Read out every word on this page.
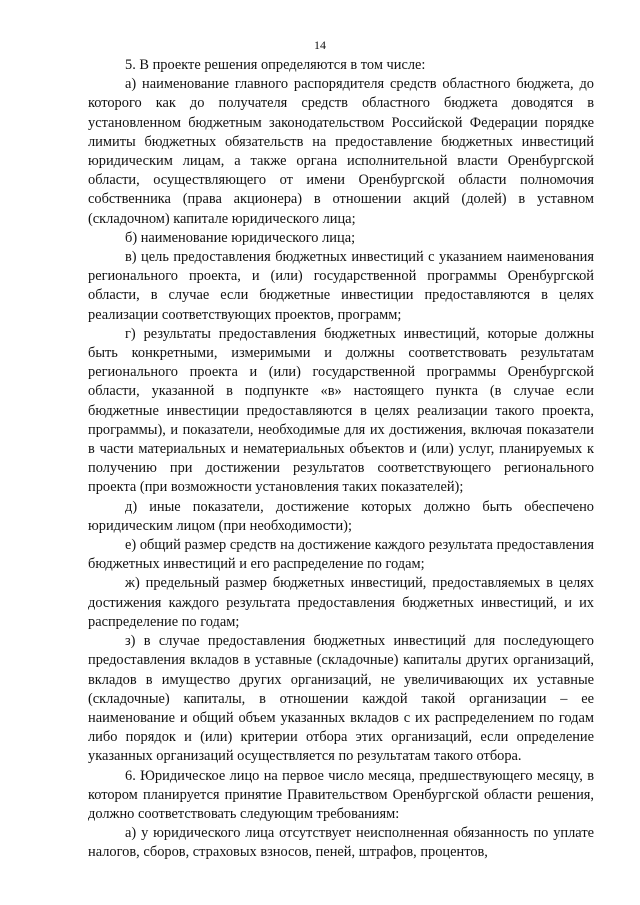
14

5. В проекте решения определяются в том числе:

а) наименование главного распорядителя средств областного бюджета, до которого как до получателя средств областного бюджета доводятся в установленном бюджетным законодательством Российской Федерации порядке лимиты бюджетных обязательств на предоставление бюджетных инвестиций юридическим лицам, а также органа исполнительной власти Оренбургской области, осуществляющего от имени Оренбургской области полномочия собственника (права акционера) в отношении акций (долей) в уставном (складочном) капитале юридического лица;

б) наименование юридического лица;

в) цель предоставления бюджетных инвестиций с указанием наименования регионального проекта, и (или) государственной программы Оренбургской области, в случае если бюджетные инвестиции предоставляются в целях реализации соответствующих проектов, программ;

г) результаты предоставления бюджетных инвестиций, которые должны быть конкретными, измеримыми и должны соответствовать результатам регионального проекта и (или) государственной программы Оренбургской области, указанной в подпункте «в» настоящего пункта (в случае если бюджетные инвестиции предоставляются в целях реализации такого проекта, программы), и показатели, необходимые для их достижения, включая показатели в части материальных и нематериальных объектов и (или) услуг, планируемых к получению при достижении результатов соответствующего регионального проекта (при возможности установления таких показателей);

д) иные показатели, достижение которых должно быть обеспечено юридическим лицом (при необходимости);

е) общий размер средств на достижение каждого результата предоставления бюджетных инвестиций и его распределение по годам;

ж) предельный размер бюджетных инвестиций, предоставляемых в целях достижения каждого результата предоставления бюджетных инвестиций, и их распределение по годам;

з) в случае предоставления бюджетных инвестиций для последующего предоставления вкладов в уставные (складочные) капиталы других организаций, вкладов в имущество других организаций, не увеличивающих их уставные (складочные) капиталы, в отношении каждой такой организации – ее наименование и общий объем указанных вкладов с их распределением по годам либо порядок и (или) критерии отбора этих организаций, если определение указанных организаций осуществляется по результатам такого отбора.

6. Юридическое лицо на первое число месяца, предшествующего месяцу, в котором планируется принятие Правительством Оренбургской области решения, должно соответствовать следующим требованиям:

а) у юридического лица отсутствует неисполненная обязанность по уплате налогов, сборов, страховых взносов, пеней, штрафов, процентов,
